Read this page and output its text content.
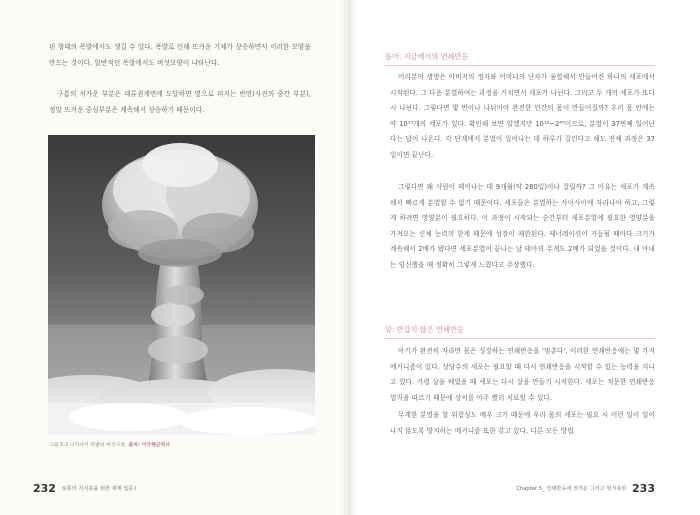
핀 형태의 폭발에서도 생길 수 있다. 폭발로 인해 뜨거운 기체가 상승하면서 이러한 모양을 만드는 것이다. 일반적인 폭발에서도 버섯모양이 나타난다.

구름의 처가운 부분은 대류권계면에 도달하면 옆으로 퍼지는 반면(사진의 중간 부분), 정말 뜨거운 중심부분은 계속해서 상승하기 때문이다.

그림 5-2 나가사키 폭발의 버섯구름. 출처: 미국해군역사
232 보통의 지식층을 위한 세계 입문 I
돌아: 지금에서의 연쇄반응

어리분의 생명은 아버지의 정자와 어머니의 난자가 융합해서 만들어진 하나의 세포에서 시작된다. 그 다음 분열하여는 과정을 거치면서 세포가 나뉜다. 그리고 두 개의 세포가 또다시 나뉜다. 그렇다면 몇 번이나 나뉘어야 완전한 인간의 몸이 만들어질까? 우리 몸 안에는 약 10¹³개의 세포가 있다. 확인해 보면 알겠지만 10¹²~2⁴³이므로, 분열이 37번째 일어난다는 답이 나온다. 각 단계에서 분열이 일어나는 데 하루가 걸린다고 해도 전체 과정은 37일이면 끝난다.

그렇다면 왜 사람이 태어나는 데 9개월(약 280일)이나 걸릴까? 그 이유는 세포가 계속해서 빠르게 분열할 수 없기 때문이다. 세포들은 분열하는 사이사이에 자라나야 하고, 그렇게 하려면 영양분이 필요하다. 이 과정이 시작되는 순간부터 세포분열에 필요한 영양분을 가져오는 신체 능력의 한계 때문에 성장이 제한된다. 제너레이션이 거듭될 때마다 크기가 계속해서 2배가 됐다면 세포분열이 끝나는 날 태아의 무게도 2배가 되었을 것이다. 내 아내는 임신했을 때 정확히 그렇게 느꼈다고 주장했다.

암: 반갑지 않은 연쇄반응

아기가 완전히 자라면 몸은 성장하는 연쇄반응을 '멈춘다'. 이러한 연쇄반응에는 몇 가지 메커니즘이 있다. 상당수의 세포는 필요할 때 다시 연쇄반응을 시작할 수 있는 능력을 지니고 있다. 가령 살을 베었을 때 세포는 다시 살을 만들기 시작한다. 세포는 적문한 연쇄반응 법칙을 따르기 때문에 상처를 아주 빨리 치료할 수 있다.

무계한 분열을 할 위험성도 매우 크기 때문에 우리 몸의 세포는 필요 시 이런 일이 일어나지 않도록 방지하는 메커니즘 또한 갖고 있다. 다른 모든 방법

Chapter 5_ 연쇄반응에 정처둔 그리고 현저폭탄 233
